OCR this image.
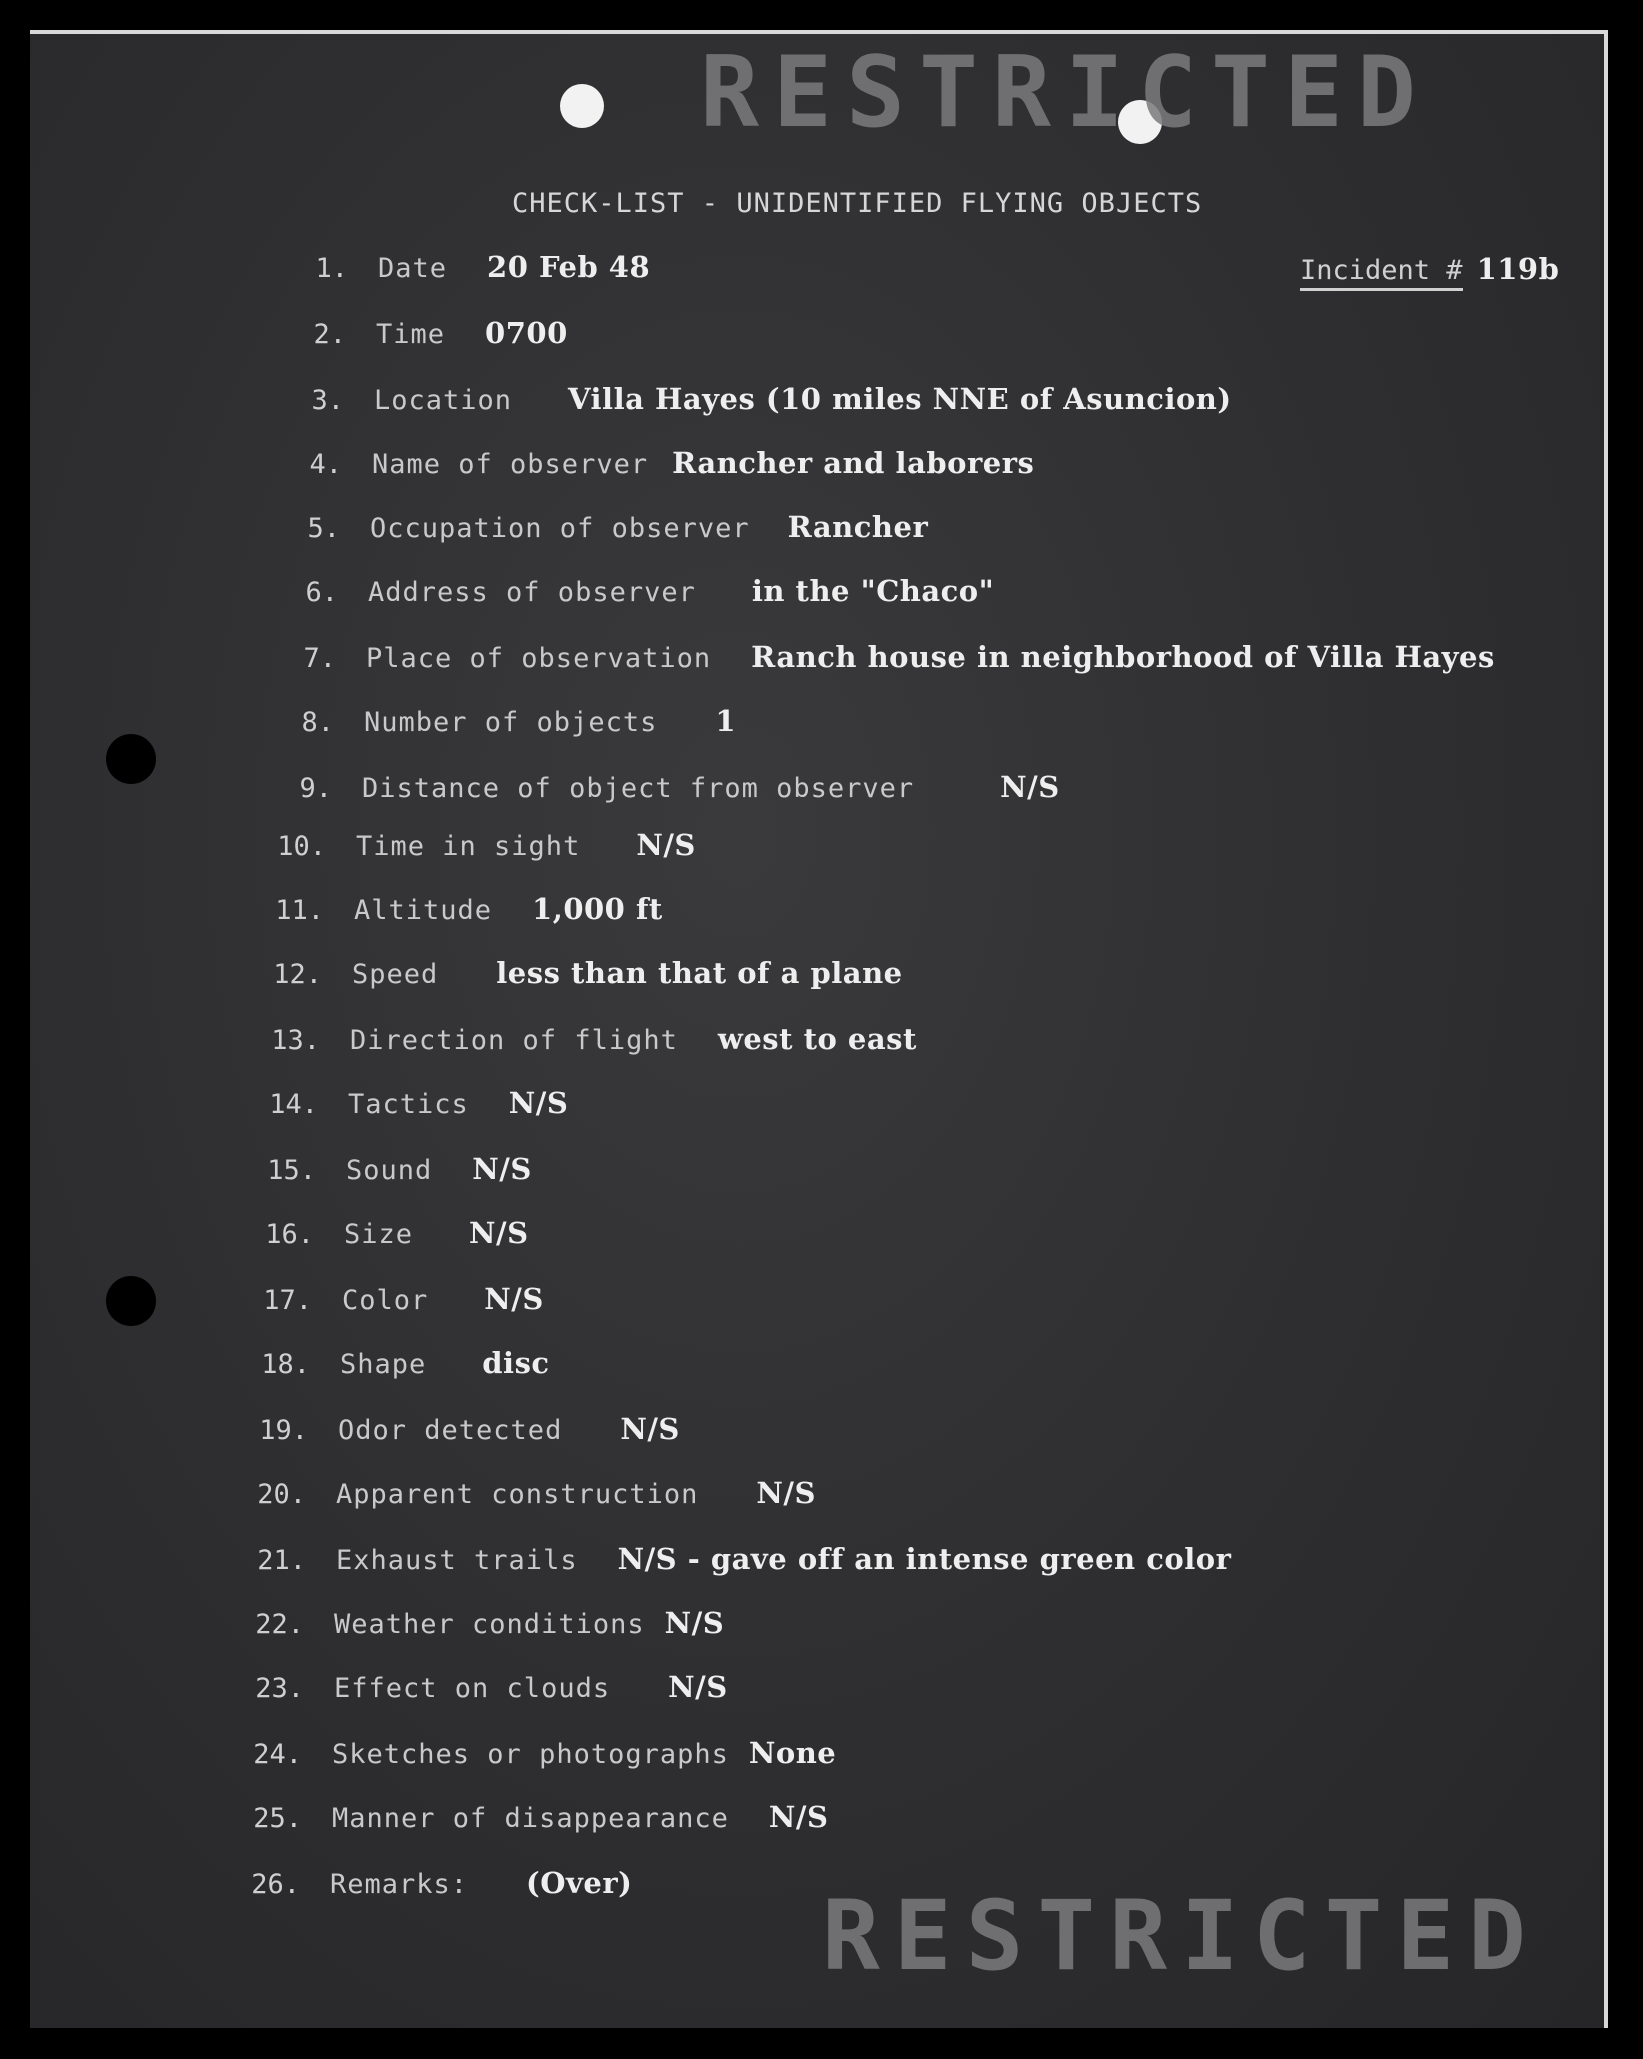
RESTRICTED
RESTRICTED
CHECK-LIST - UNIDENTIFIED FLYING OBJECTS
Incident # 119b
1. Date 20 Feb 48
2. Time 0700
3. Location Villa Hayes (10 miles NNE of Asuncion)
4. Name of observer Rancher and laborers
5. Occupation of observer Rancher
6. Address of observer in the "Chaco"
7. Place of observation Ranch house in neighborhood of Villa Hayes
8. Number of objects 1
9. Distance of object from observer	N/S
10. Time in sight N/S
11. Altitude 1,000 ft
12. Speed less than that of a plane
13. Direction of flight west to east
14. Tactics N/S
15. Sound N/S
16. Size N/S
17. Color N/S
18. Shape disc
19. Odor detected N/S
20. Apparent construction N/S
21. Exhaust trails N/S - gave off an intense green color
22. Weather conditions N/S
23. Effect on clouds N/S
24. Sketches or photographs None
25. Manner of disappearance N/S
26. Remarks: (Over)
